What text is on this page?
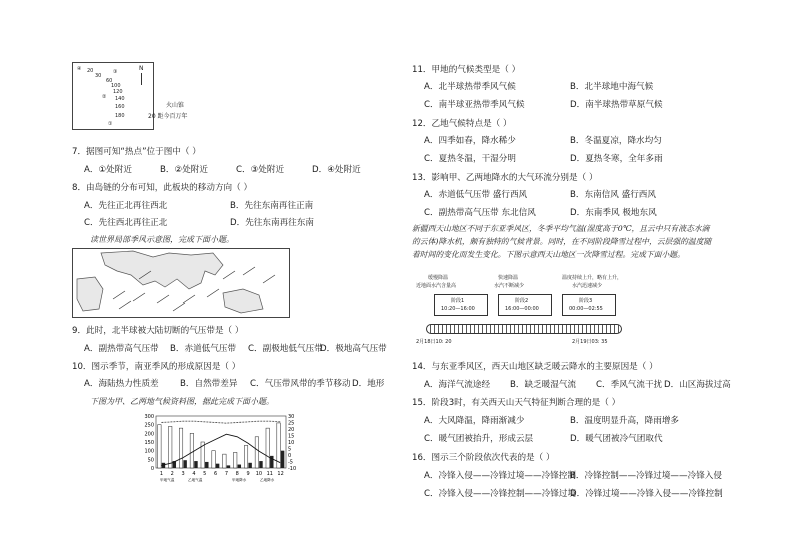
N
④ 20
30
③
60
100
120
② 140
160
180
①
火山锥
20 距今百万年
7．据图可知“热点”位于图中（ ）
A．①处附近	B．②处附近	C．③处附近	D．④处附近
8．由岛链的分布可知，此板块的移动方向（ ）
A．先往正北再往西北	B．先往东南再往正南
C．先往西北再往正北	D．先往东南再往东南
读世界局部季风示意图，完成下面小题。
9．此时，北半球被大陆切断的气压带是（ ）
A．副热带高气压带 B．赤道低气压带 C．副极地低气压带
D．极地高气压带
10．图示季节，南亚季风的形成原因是（ ）
A．海陆热力性质差 B．自然带差异 C．气压带风带的季节移动 D．地形
下图为甲、乙两地气候资料图，据此完成下面小题。
300
250
200
150
100
50
0
30
25
20
15
10
5
0
-5
-10
1 2 3 4 5 6 7 8 9 10 11 12
甲地气温	乙地气温	甲地降水	乙地降水
11．甲地的气候类型是（ ）
A．北半球热带季风气候	B．北半球地中海气候
C．南半球亚热带季风气候	D．南半球热带草原气候
12．乙地气候特点是（ ）
A．四季如春，降水稀少	B．冬温夏凉，降水均匀
C．夏热冬温，干湿分明	D．夏热冬寒，全年多雨
13．影响甲、乙两地降水的大气环流分别是（ ）
A．赤道低气压带 盛行西风	B．东南信风 盛行西风
C．副热带高气压带 东北信风	D．东南季风 极地东风

新疆西天山地区不同于东亚季风区，冬季平均气温(湿度高于0℃，且云中只有液态水滴的云体)降水机，颇有独特的气候背景。同时，在不同阶段降雪过程中，云层强的温度随着时间的变化而发生变化。下图示意西天山地区一次降雪过程。完成下面小题。

缓慢降温
近地面水汽含量高
快速降温
水汽不断减少
温度持续上升，略有上升，
水汽迅速减少
阶段1
10:20—16:00
阶段2
16:00—00:00
阶段3
00:00—02:55
2月18日10: 20	2月19日03: 35
14．与东亚季风区，西天山地区缺乏暖云降水的主要原因是（ ）
A．海洋气流途经 B．缺乏暖湿气流 C．季风气流干扰 D．山区海拔过高
15．阶段3时，有关西天山天气特征判断合理的是（ ）
A．大风降温，降雨渐减少	B．温度明显升高，降雨增多
C．暖气团被抬升，形成云层	D．暖气团被冷气团取代
16．图示三个阶段依次代表的是（ ）
A．冷锋入侵——冷锋过境——冷锋控制
B．冷锋控制——冷锋过境——冷锋入侵
C．冷锋入侵——冷锋控制——冷锋过境
D．冷锋过境——冷锋入侵——冷锋控制
